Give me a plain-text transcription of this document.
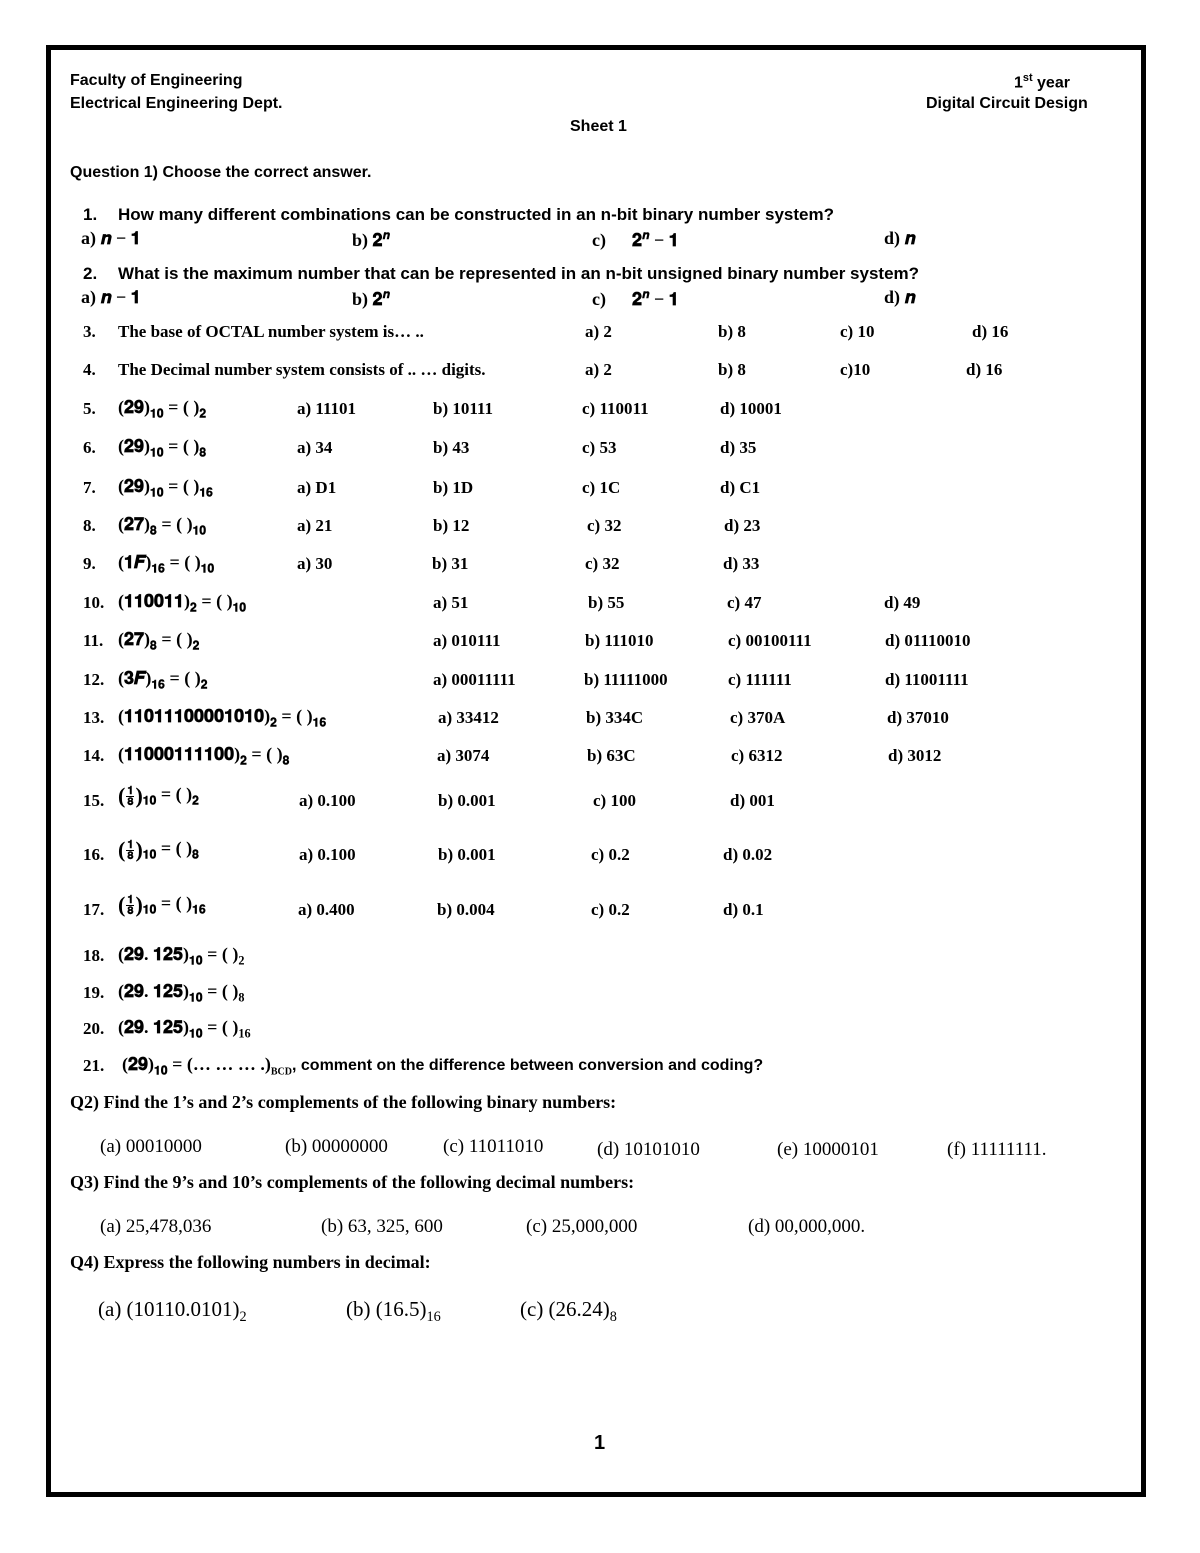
Faculty of Engineering
Electrical Engineering Dept.
1st year
Digital Circuit Design
Sheet 1
Question 1) Choose the correct answer.
1. How many different combinations can be constructed in an n-bit binary number system?
a) 𝒏 − 𝟏	b) $𝟐^𝒏$	c) $𝟐^𝒏$ − 𝟏	d) 𝒏
2. What is the maximum number that can be represented in an n-bit unsigned binary number system?
a) 𝒏 − 𝟏	b) $𝟐^𝒏$	c) $𝟐^𝒏$ − 𝟏	d) 𝒏
3. The base of OCTAL number system is… ..	a) 2	b) 8	c) 10	d) 16
4. The Decimal number system consists of .. … digits.	a) 2	b) 8	c)10	d) 16
5. $(𝟐𝟗)_{𝟏𝟎}$ = ( )$_𝟐$	a) 11101	b) 10111	c) 110011	d) 10001
6. $(𝟐𝟗)_{𝟏𝟎}$ = ( )$_𝟖$	a) 34	b) 43	c) 53	d) 35
7. $(𝟐𝟗)_{𝟏𝟎}$ = ( )$_{𝟏𝟔}$	a) D1	b) 1D	c) 1C	d) C1
8. $(𝟐𝟕)_𝟖$ = ( )$_{𝟏𝟎}$	a) 21	b) 12	c) 32	d) 23
9. $(𝟏𝑭)_{𝟏𝟔}$ = ( )$_{𝟏𝟎}$	a) 30	b) 31	c) 32	d) 33
10. $(𝟏𝟏𝟎𝟎𝟏𝟏)_𝟐$ = ( )$_{𝟏𝟎}$	a) 51	b) 55	c) 47	d) 49
11. $(𝟐𝟕)_𝟖$ = ( )$_𝟐$	a) 010111	b) 111010	c) 00100111	d) 01110010
12. $(𝟑𝑭)_{𝟏𝟔}$ = ( )$_𝟐$	a) 00011111	b) 11111000	c) 111111	d) 11001111
13. $(𝟏𝟏𝟎𝟏𝟏𝟏𝟎𝟎𝟎𝟎𝟏𝟎𝟏𝟎)_𝟐$ = ( )$_{𝟏𝟔}$	a) 33412	b) 334C	c) 370A	d) 37010
14. $(𝟏𝟏𝟎𝟎𝟎𝟏𝟏𝟏𝟏𝟎𝟎)_𝟐$ = ( )$_𝟖$	a) 3074	b) 63C	c) 6312	d) 3012
15. ( $\frac{𝟏}{𝟖} )_{𝟏𝟎}$ = ( )$_𝟐$	a) 0.100	b) 0.001	c) 100	d) 001
16. ( $\frac{𝟏}{𝟖} )_{𝟏𝟎}$ = ( )$_𝟖$	a) 0.100	b) 0.001	c) 0.2	d) 0.02
17. ( $\frac{𝟏}{𝟖} )_{𝟏𝟎}$ = ( )$_{𝟏𝟔}$	a) 0.400	b) 0.004	c) 0.2	d) 0.1
18. (𝟐𝟗. $𝟏𝟐𝟓)_{𝟏𝟎}$ = ( )$_2$
19. (𝟐𝟗. $𝟏𝟐𝟓)_{𝟏𝟎}$ = ( )$_8$
20. (𝟐𝟗. $𝟏𝟐𝟓)_{𝟏𝟎}$ = ( )$_{16}$
21. $(𝟐𝟗)_{𝟏𝟎}$ = (… … … $.)_{BCD}$, comment on the difference between conversion and coding?
Q2) Find the 1’s and 2’s complements of the following binary numbers:
(a) 00010000	(b) 00000000	(c) 11011010	(d) 10101010	(e) 10000101	(f) 11111111.
Q3) Find the 9’s and 10’s complements of the following decimal numbers:
(a) 25,478,036	(b) 63, 325, 600	(c) 25,000,000	(d) 00,000,000.
Q4) Express the following numbers in decimal:
(a) $(10110.0101)_2$	(b) $(16.5)_{16}$	(c) $(26.24)_8$
1
